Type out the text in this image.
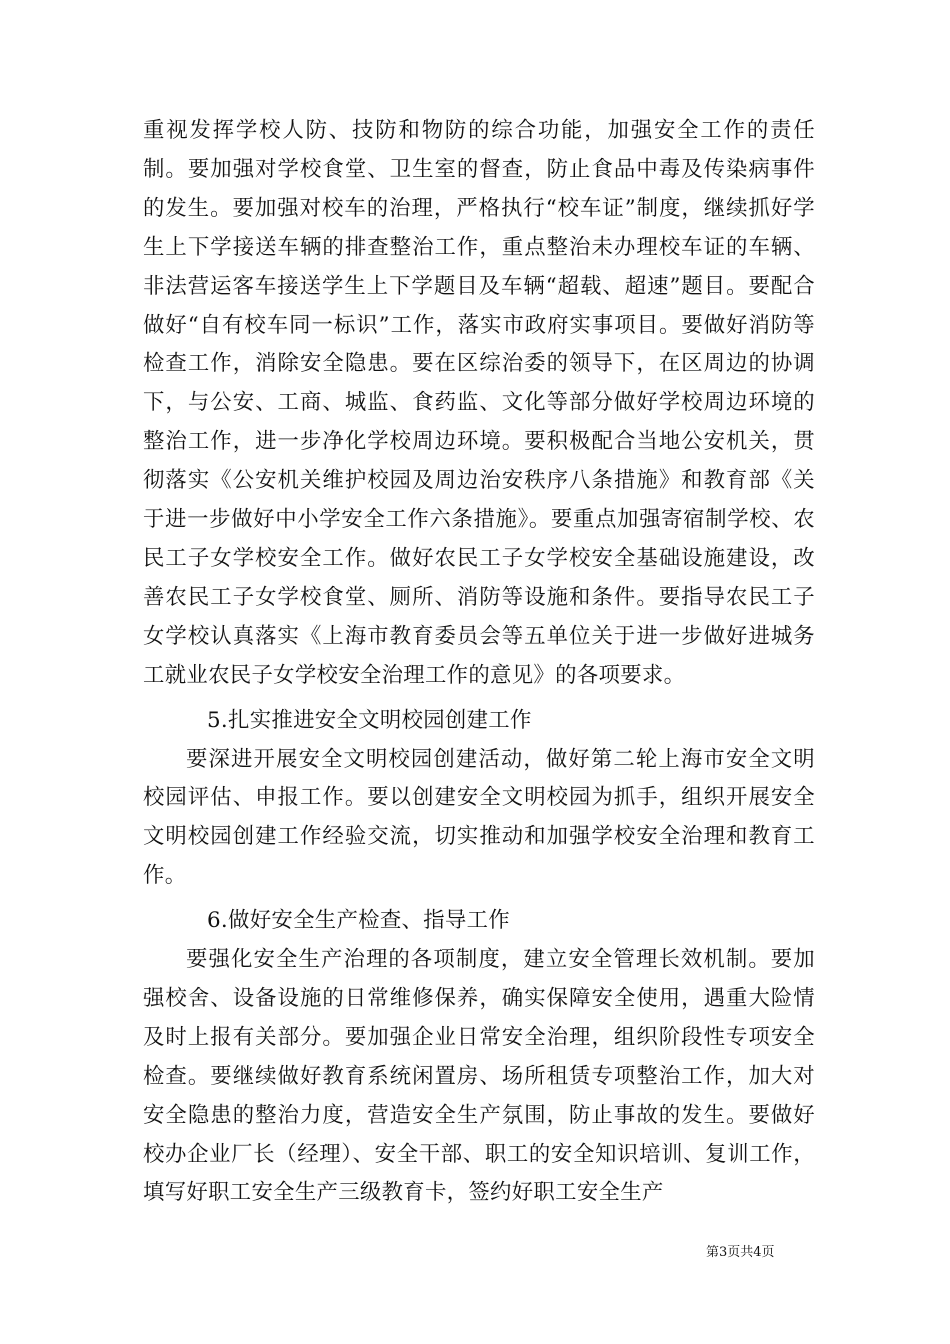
重视发挥学校人防、技防和物防的综合功能，加强安全工作的责任制。要加强对学校食堂、卫生室的督查，防止食品中毒及传染病事件的发生。要加强对校车的治理，严格执行“校车证”制度，继续抓好学生上下学接送车辆的排查整治工作，重点整治未办理校车证的车辆、非法营运客车接送学生上下学题目及车辆“超载、超速”题目。要配合做好“自有校车同一标识”工作，落实市政府实事项目。要做好消防等检查工作，消除安全隐患。要在区综治委的领导下，在区周边的协调下，与公安、工商、城监、食药监、文化等部分做好学校周边环境的整治工作，进一步净化学校周边环境。要积极配合当地公安机关，贯彻落实《公安机关维护校园及周边治安秩序八条措施》和教育部《关于进一步做好中小学安全工作六条措施》。要重点加强寄宿制学校、农民工子女学校安全工作。做好农民工子女学校安全基础设施建设，改善农民工子女学校食堂、厕所、消防等设施和条件。要指导农民工子女学校认真落实《上海市教育委员会等五单位关于进一步做好进城务工就业农民子女学校安全治理工作的意见》的各项要求。

5.扎实推进安全文明校园创建工作

要深进开展安全文明校园创建活动，做好第二轮上海市安全文明校园评估、申报工作。要以创建安全文明校园为抓手，组织开展安全文明校园创建工作经验交流，切实推动和加强学校安全治理和教育工作。

6.做好安全生产检查、指导工作

要强化安全生产治理的各项制度，建立安全管理长效机制。要加强校舍、设备设施的日常维修保养，确实保障安全使用，遇重大险情及时上报有关部分。要加强企业日常安全治理，组织阶段性专项安全检查。要继续做好教育系统闲置房、场所租赁专项整治工作，加大对安全隐患的整治力度，营造安全生产氛围，防止事故的发生。要做好校办企业厂长（经理）、安全干部、职工的安全知识培训、复训工作，填写好职工安全生产三级教育卡，签约好职工安全生产

第3页共4页
